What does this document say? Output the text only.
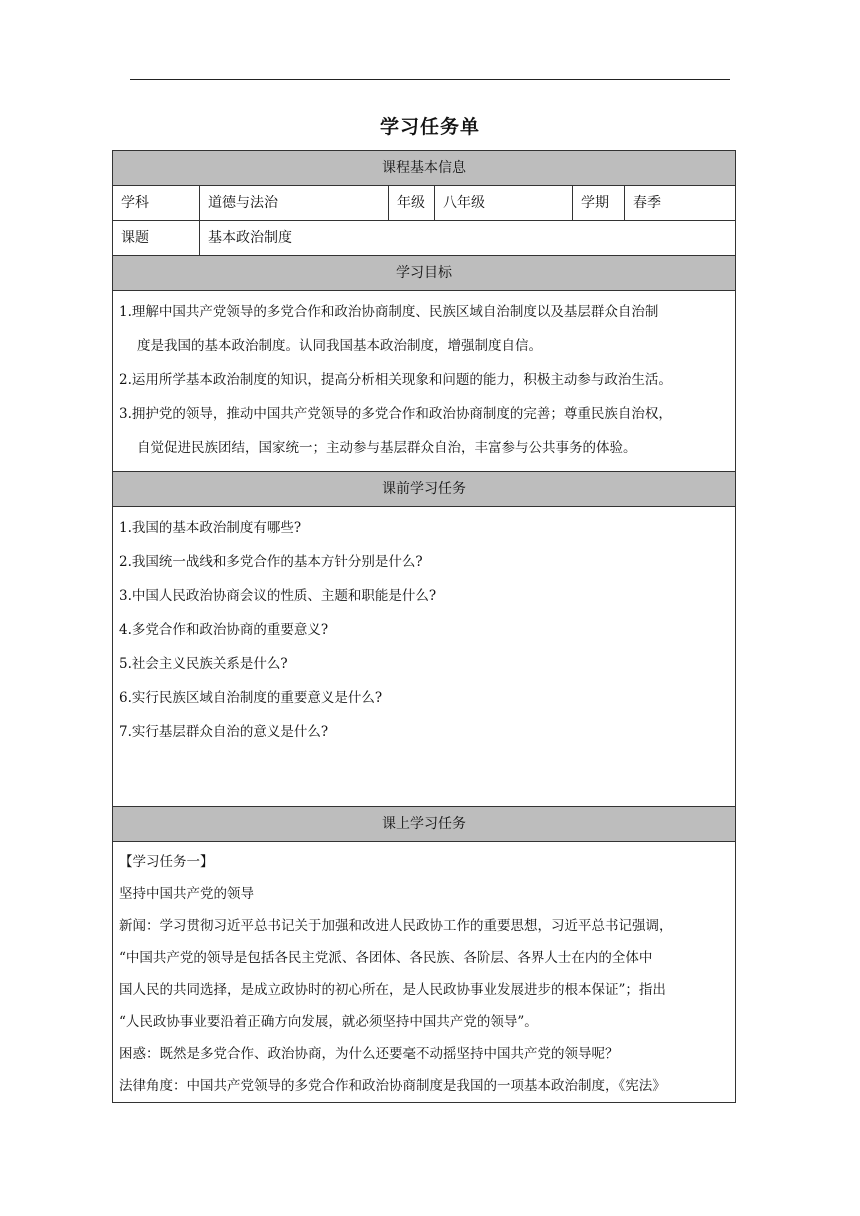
学习任务单
课程基本信息
学科	道德与法治	年级	八年级	学期	春季
课题	基本政治制度
学习目标
1.理解中国共产党领导的多党合作和政治协商制度、民族区域自治制度以及基层群众自治制
度是我国的基本政治制度。认同我国基本政治制度，增强制度自信。
2.运用所学基本政治制度的知识，提高分析相关现象和问题的能力，积极主动参与政治生活。
3.拥护党的领导，推动中国共产党领导的多党合作和政治协商制度的完善；尊重民族自治权，
自觉促进民族团结，国家统一；主动参与基层群众自治，丰富参与公共事务的体验。
课前学习任务
1.我国的基本政治制度有哪些?
2.我国统一战线和多党合作的基本方针分别是什么?
3.中国人民政治协商会议的性质、主题和职能是什么?
4.多党合作和政治协商的重要意义?
5.社会主义民族关系是什么?
6.实行民族区域自治制度的重要意义是什么?
7.实行基层群众自治的意义是什么?
课上学习任务
【学习任务一】
坚持中国共产党的领导
新闻：学习贯彻习近平总书记关于加强和改进人民政协工作的重要思想，习近平总书记强调，
“中国共产党的领导是包括各民主党派、各团体、各民族、各阶层、各界人士在内的全体中
国人民的共同选择，是成立政协时的初心所在，是人民政协事业发展进步的根本保证”；指出
“人民政协事业要沿着正确方向发展，就必须坚持中国共产党的领导”。
困惑：既然是多党合作、政治协商，为什么还要毫不动摇坚持中国共产党的领导呢？
法律角度：中国共产党领导的多党合作和政治协商制度是我国的一项基本政治制度，《宪法》
